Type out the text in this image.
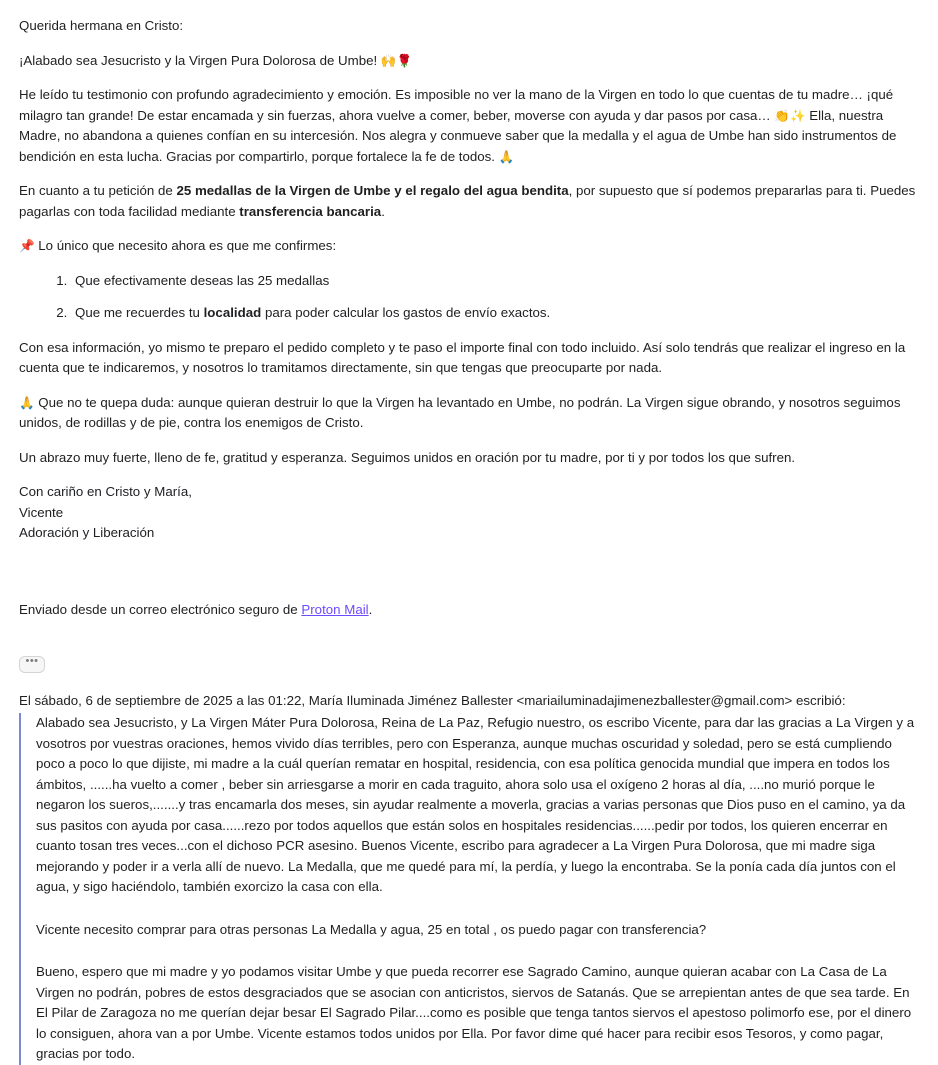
Querida hermana en Cristo:

¡Alabado sea Jesucristo y la Virgen Pura Dolorosa de Umbe! 🙌🌹

He leído tu testimonio con profundo agradecimiento y emoción. Es imposible no ver la mano de la Virgen en todo lo que cuentas de tu madre… ¡qué milagro tan grande! De estar encamada y sin fuerzas, ahora vuelve a comer, beber, moverse con ayuda y dar pasos por casa… 👏✨ Ella, nuestra Madre, no abandona a quienes confían en su intercesión. Nos alegra y conmueve saber que la medalla y el agua de Umbe han sido instrumentos de bendición en esta lucha. Gracias por compartirlo, porque fortalece la fe de todos. 🙏

En cuanto a tu petición de 25 medallas de la Virgen de Umbe y el regalo del agua bendita, por supuesto que sí podemos prepararlas para ti. Puedes pagarlas con toda facilidad mediante transferencia bancaria.

📌 Lo único que necesito ahora es que me confirmes:

1. Que efectivamente deseas las 25 medallas
2. Que me recuerdes tu localidad para poder calcular los gastos de envío exactos.

Con esa información, yo mismo te preparo el pedido completo y te paso el importe final con todo incluido. Así solo tendrás que realizar el ingreso en la cuenta que te indicaremos, y nosotros lo tramitamos directamente, sin que tengas que preocuparte por nada.

🙏 Que no te quepa duda: aunque quieran destruir lo que la Virgen ha levantado en Umbe, no podrán. La Virgen sigue obrando, y nosotros seguimos unidos, de rodillas y de pie, contra los enemigos de Cristo.

Un abrazo muy fuerte, lleno de fe, gratitud y esperanza. Seguimos unidos en oración por tu madre, por ti y por todos los que sufren.

Con cariño en Cristo y María,
Vicente
Adoración y Liberación

Enviado desde un correo electrónico seguro de Proton Mail.

•••

El sábado, 6 de septiembre de 2025 a las 01:22, María Iluminada Jiménez Ballester <mariailuminadajimenezballester@gmail.com> escribió:

Alabado sea Jesucristo, y La Virgen Máter Pura Dolorosa, Reina de La Paz, Refugio nuestro, os escribo Vicente, para dar las gracias a La Virgen y a vosotros por vuestras oraciones, hemos vivido días terribles, pero con Esperanza, aunque muchas oscuridad y soledad, pero se está cumpliendo poco a poco lo que dijiste, mi madre a la cuál querían rematar en hospital, residencia, con esa política genocida mundial que impera en todos los ámbitos, ......ha vuelto a comer , beber sin arriesgarse a morir en cada traguito, ahora solo usa el oxígeno 2 horas al día, ....no murió porque le negaron los sueros,.......y tras encamarla dos meses, sin ayudar realmente a moverla, gracias a varias personas que Dios puso en el camino, ya da sus pasitos con ayuda por casa......rezo por todos aquellos que están solos en hospitales residencias......pedir por todos, los quieren encerrar en cuanto tosan tres veces...con el dichoso PCR asesino. Buenos Vicente, escribo para agradecer a La Virgen Pura Dolorosa, que mi madre siga mejorando y poder ir a verla allí de nuevo. La Medalla, que me quedé para mí, la perdía, y luego la encontraba. Se la ponía cada día juntos con el agua, y sigo haciéndolo, también exorcizo la casa con ella.

Vicente necesito comprar para otras personas La Medalla y agua, 25 en total , os puedo pagar con transferencia?

Bueno, espero que mi madre y yo podamos visitar Umbe y que pueda recorrer ese Sagrado Camino, aunque quieran acabar con La Casa de La Virgen no podrán, pobres de estos desgraciados que se asocian con anticristos, siervos de Satanás. Que se arrepientan antes de que sea tarde. En El Pilar de Zaragoza no me querían dejar besar El Sagrado Pilar....como es posible que tenga tantos siervos el apestoso polimorfo ese, por el dinero lo consiguen, ahora van a por Umbe. Vicente estamos todos unidos por Ella. Por favor dime qué hacer para recibir esos Tesoros, y como pagar, gracias por todo.
